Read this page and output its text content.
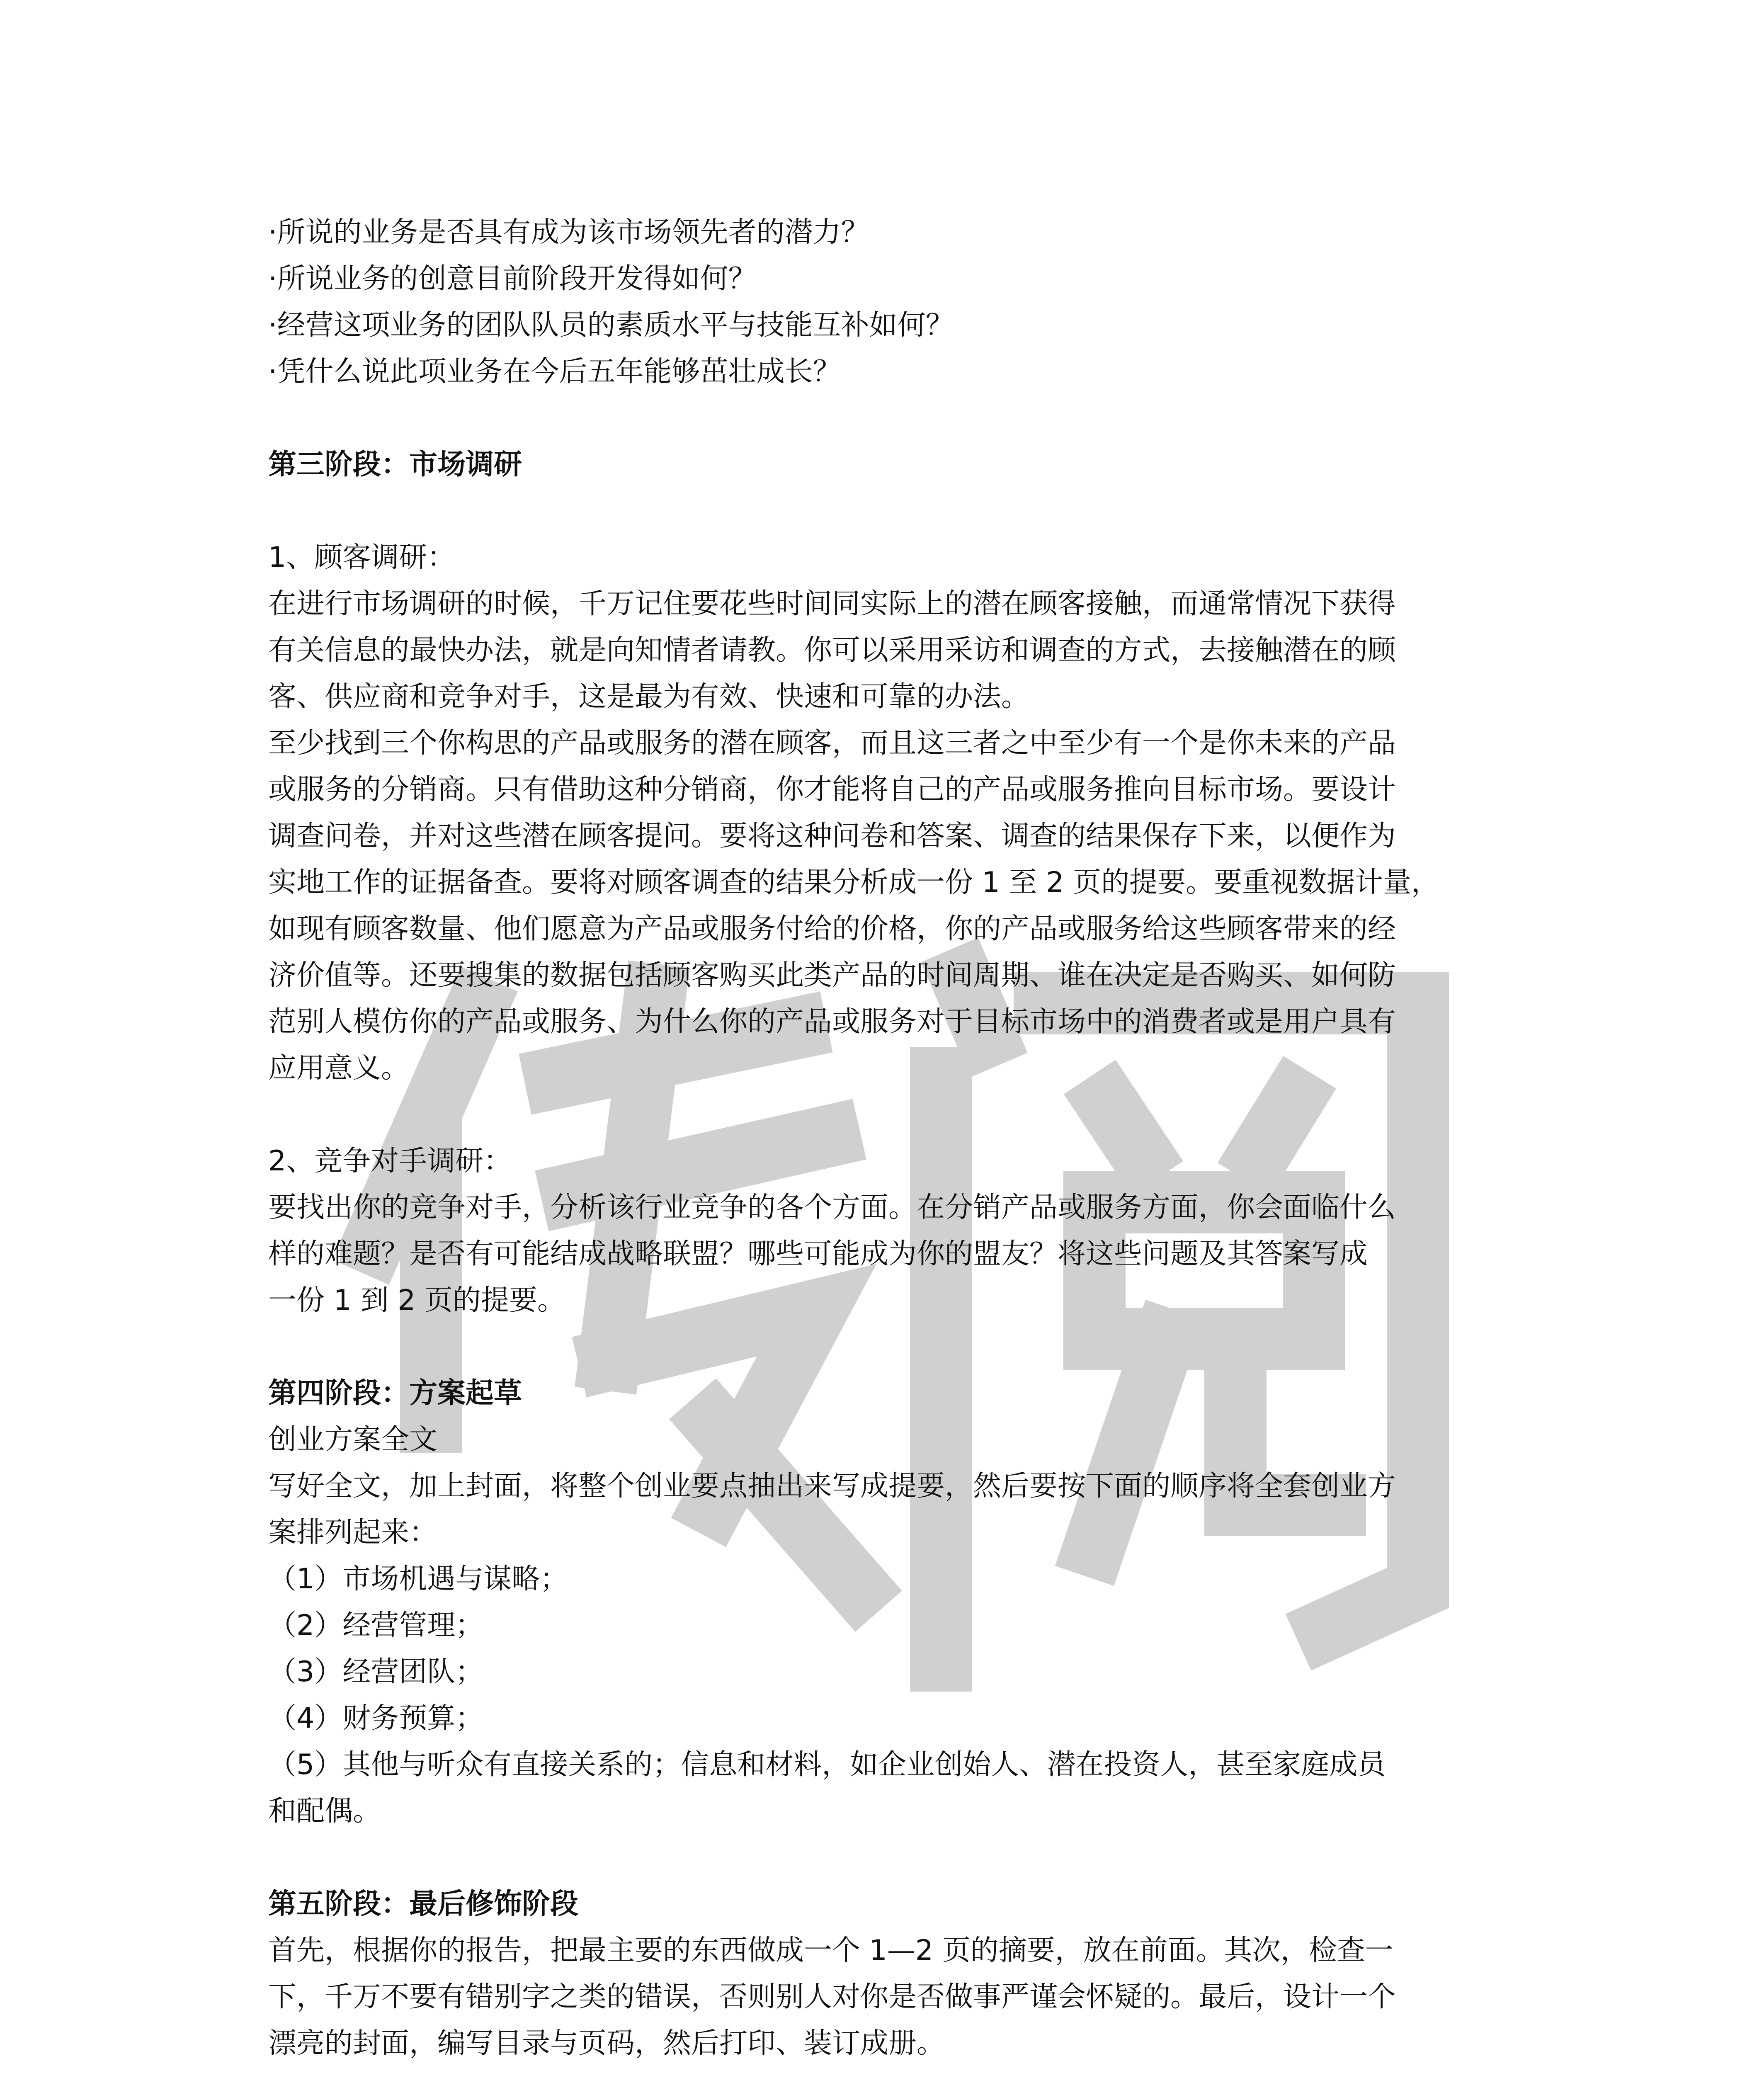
·所说的业务是否具有成为该市场领先者的潜力？
·所说业务的创意目前阶段开发得如何？
·经营这项业务的团队队员的素质水平与技能互补如何？
·凭什么说此项业务在今后五年能够茁壮成长？
第三阶段：市场调研
1、顾客调研：
在进行市场调研的时候，千万记住要花些时间同实际上的潜在顾客接触，而通常情况下获得
有关信息的最快办法，就是向知情者请教。你可以采用采访和调查的方式，去接触潜在的顾
客、供应商和竞争对手，这是最为有效、快速和可靠的办法。
至少找到三个你构思的产品或服务的潜在顾客，而且这三者之中至少有一个是你未来的产品
或服务的分销商。只有借助这种分销商，你才能将自己的产品或服务推向目标市场。要设计
调查问卷，并对这些潜在顾客提问。要将这种问卷和答案、调查的结果保存下来，以便作为
实地工作的证据备查。要将对顾客调查的结果分析成一份 1 至 2 页的提要。要重视数据计量，
如现有顾客数量、他们愿意为产品或服务付给的价格，你的产品或服务给这些顾客带来的经
济价值等。还要搜集的数据包括顾客购买此类产品的时间周期、谁在决定是否购买、如何防
范别人模仿你的产品或服务、为什么你的产品或服务对于目标市场中的消费者或是用户具有
应用意义。
2、竞争对手调研：
要找出你的竞争对手，分析该行业竞争的各个方面。在分销产品或服务方面，你会面临什么
样的难题？是否有可能结成战略联盟？哪些可能成为你的盟友？将这些问题及其答案写成
一份 1 到 2 页的提要。
第四阶段：方案起草
创业方案全文
写好全文，加上封面，将整个创业要点抽出来写成提要，然后要按下面的顺序将全套创业方
案排列起来：
（1）市场机遇与谋略；
（2）经营管理；
（3）经营团队；
（4）财务预算；
（5）其他与听众有直接关系的；信息和材料，如企业创始人、潜在投资人，甚至家庭成员
和配偶。
第五阶段：最后修饰阶段
首先，根据你的报告，把最主要的东西做成一个 1—2 页的摘要，放在前面。其次，检查一
下，千万不要有错别字之类的错误，否则别人对你是否做事严谨会怀疑的。最后，设计一个
漂亮的封面，编写目录与页码，然后打印、装订成册。
